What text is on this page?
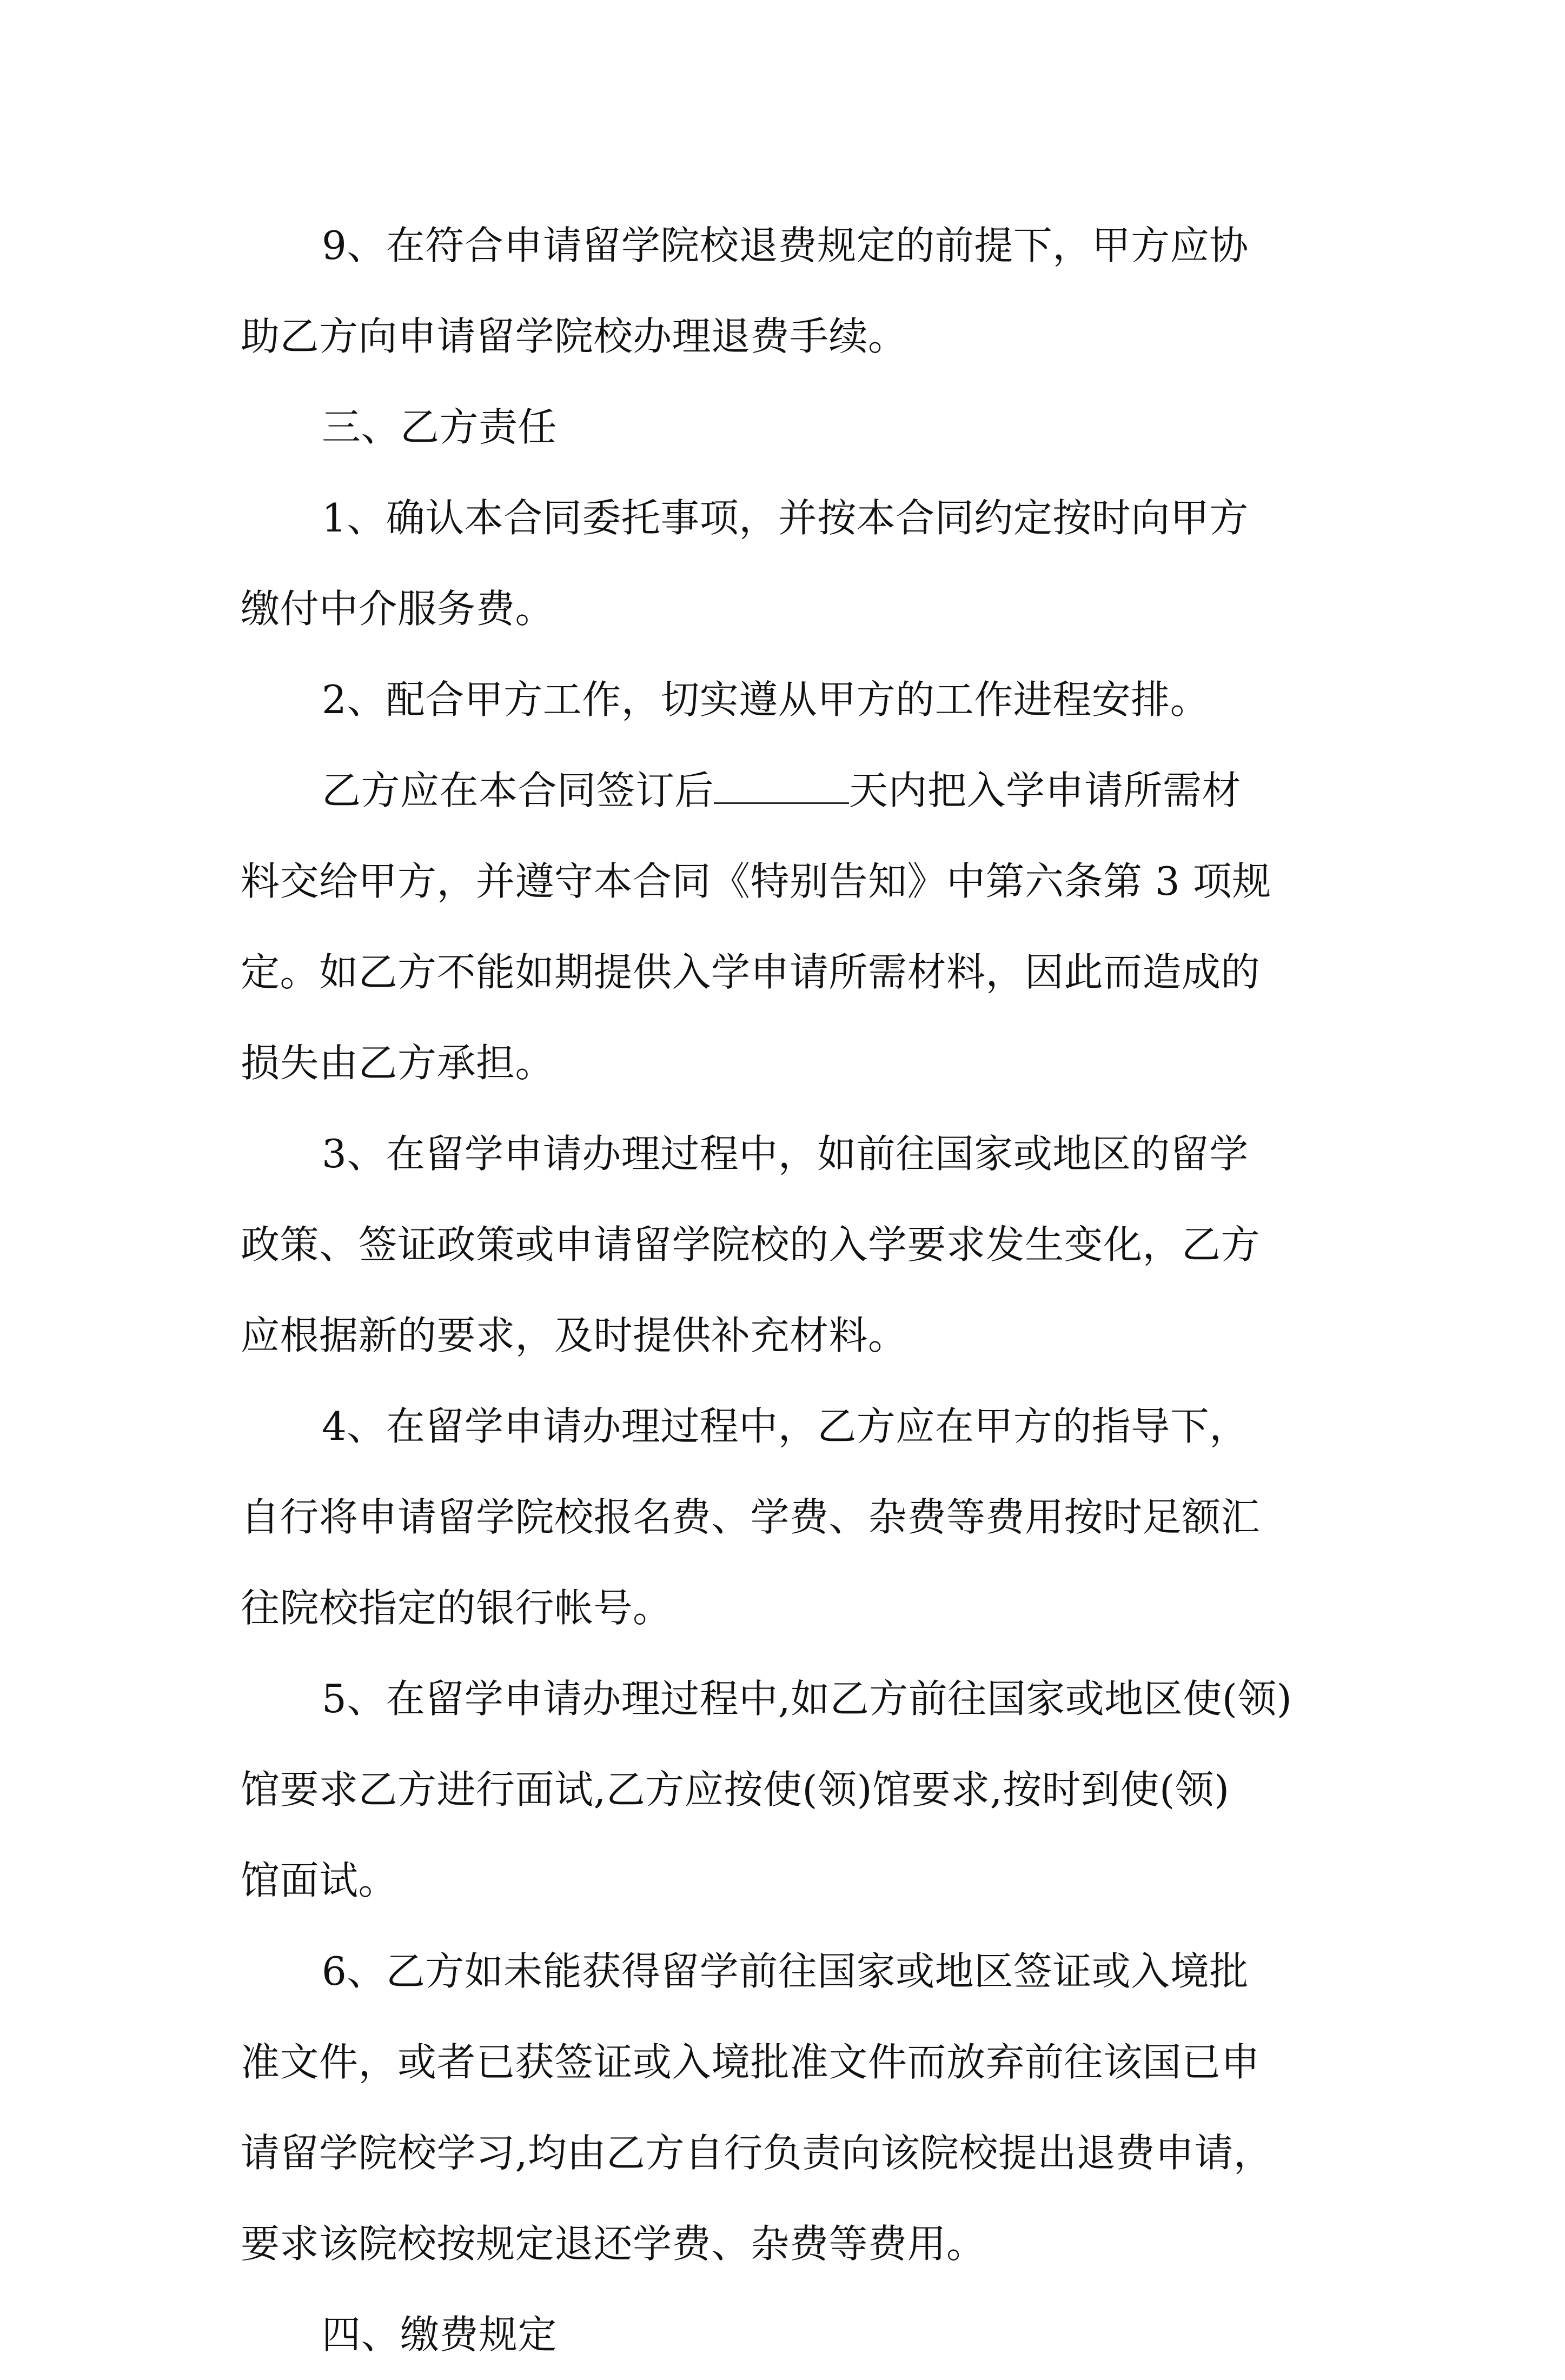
9、在符合申请留学院校退费规定的前提下，甲方应协
助乙方向申请留学院校办理退费手续。

三、乙方责任

1、确认本合同委托事项，并按本合同约定按时向甲方
缴付中介服务费。

2、配合甲方工作，切实遵从甲方的工作进程安排。

乙方应在本合同签订后	天内把入学申请所需材
料交给甲方，并遵守本合同《特别告知》中第六条第 3 项规
定。如乙方不能如期提供入学申请所需材料，因此而造成的
损失由乙方承担。

3、在留学申请办理过程中，如前往国家或地区的留学
政策、签证政策或申请留学院校的入学要求发生变化，乙方
应根据新的要求，及时提供补充材料。

4、在留学申请办理过程中，乙方应在甲方的指导下，
自行将申请留学院校报名费、学费、杂费等费用按时足额汇
往院校指定的银行帐号。

5、在留学申请办理过程中,如乙方前往国家或地区使(领)
馆要求乙方进行面试,乙方应按使(领)馆要求,按时到使(领)
馆面试。

6、乙方如未能获得留学前往国家或地区签证或入境批
准文件，或者已获签证或入境批准文件而放弃前往该国已申
请留学院校学习,均由乙方自行负责向该院校提出退费申请，
要求该院校按规定退还学费、杂费等费用。

四、缴费规定
